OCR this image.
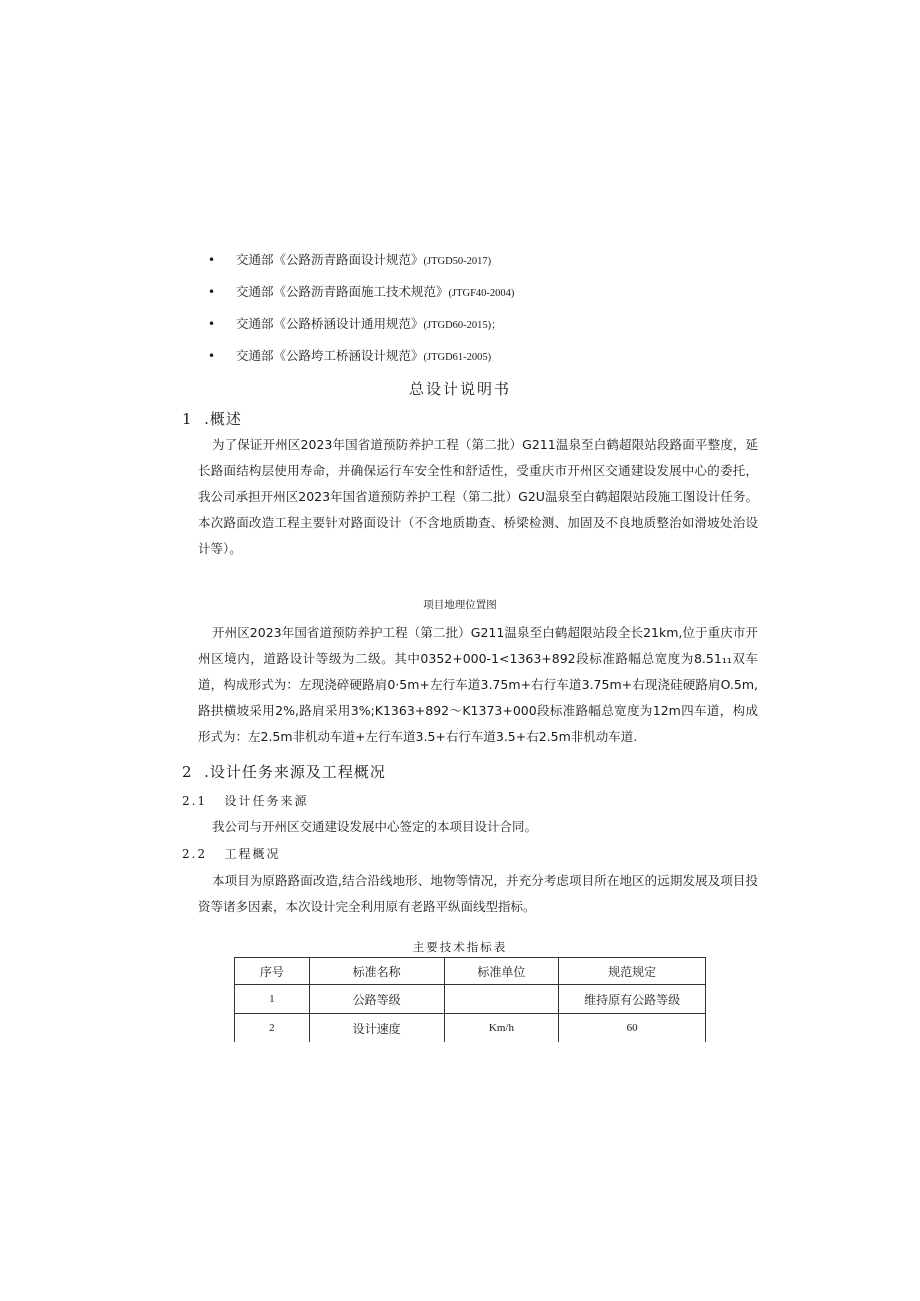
• 交通部《公路沥青路面设计规范》(JTGD50-2017)
• 交通部《公路沥青路面施工技术规范》(JTGF40-2004)
• 交通部《公路桥涵设计通用规范》(JTGD60-2015)；
• 交通部《公路垮工桥涵设计规范》(JTGD61-2005)
总设计说明书
1  .概述
为了保证开州区2023年国省道预防养护工程（第二批）G211温泉至白鹤超限站段路面平整度，延长路面结构层使用寿命，并确保运行车安全性和舒适性，受重庆市开州区交通建设发展中心的委托，我公司承担开州区2023年国省道预防养护工程（第二批）G2U温泉至白鹤超限站段施工图设计任务。本次路面改造工程主要针对路面设计（不含地质勘查、桥梁检测、加固及不良地质整治如滑坡处治设计等）。
项目地理位置图
开州区2023年国省道预防养护工程（第二批）G211温泉至白鹤超限站段全长21km,位于重庆市开州区境内，道路设计等级为二级。其中0352+000-1<1363+892段标准路幅总宽度为8.51₁₁双车道，构成形式为：左现浇碎硬路肩0·5m+左行车道3.75m+右行车道3.75m+右现浇硅硬路肩O.5m,路拱横坡采用2%,路肩采用3%;K1363+892～K1373+000段标准路幅总宽度为12m四车道，构成形式为：左2.5m非机动车道+左行车道3.5+右行车道3.5+右2.5m非机动车道.
2  .设计任务来源及工程概况
2.1   设计任务来源
我公司与开州区交通建设发展中心签定的本项目设计合同。
2.2   工程概况
本项目为原路路面改造,结合沿线地形、地物等情况，并充分考虑项目所在地区的远期发展及项目投资等诸多因素，本次设计完全利用原有老路平纵面线型指标。
主要技术指标表
序号	标准名称	标准单位	规范规定
1	公路等级		维持原有公路等级
2	设计速度	Km/h	60
